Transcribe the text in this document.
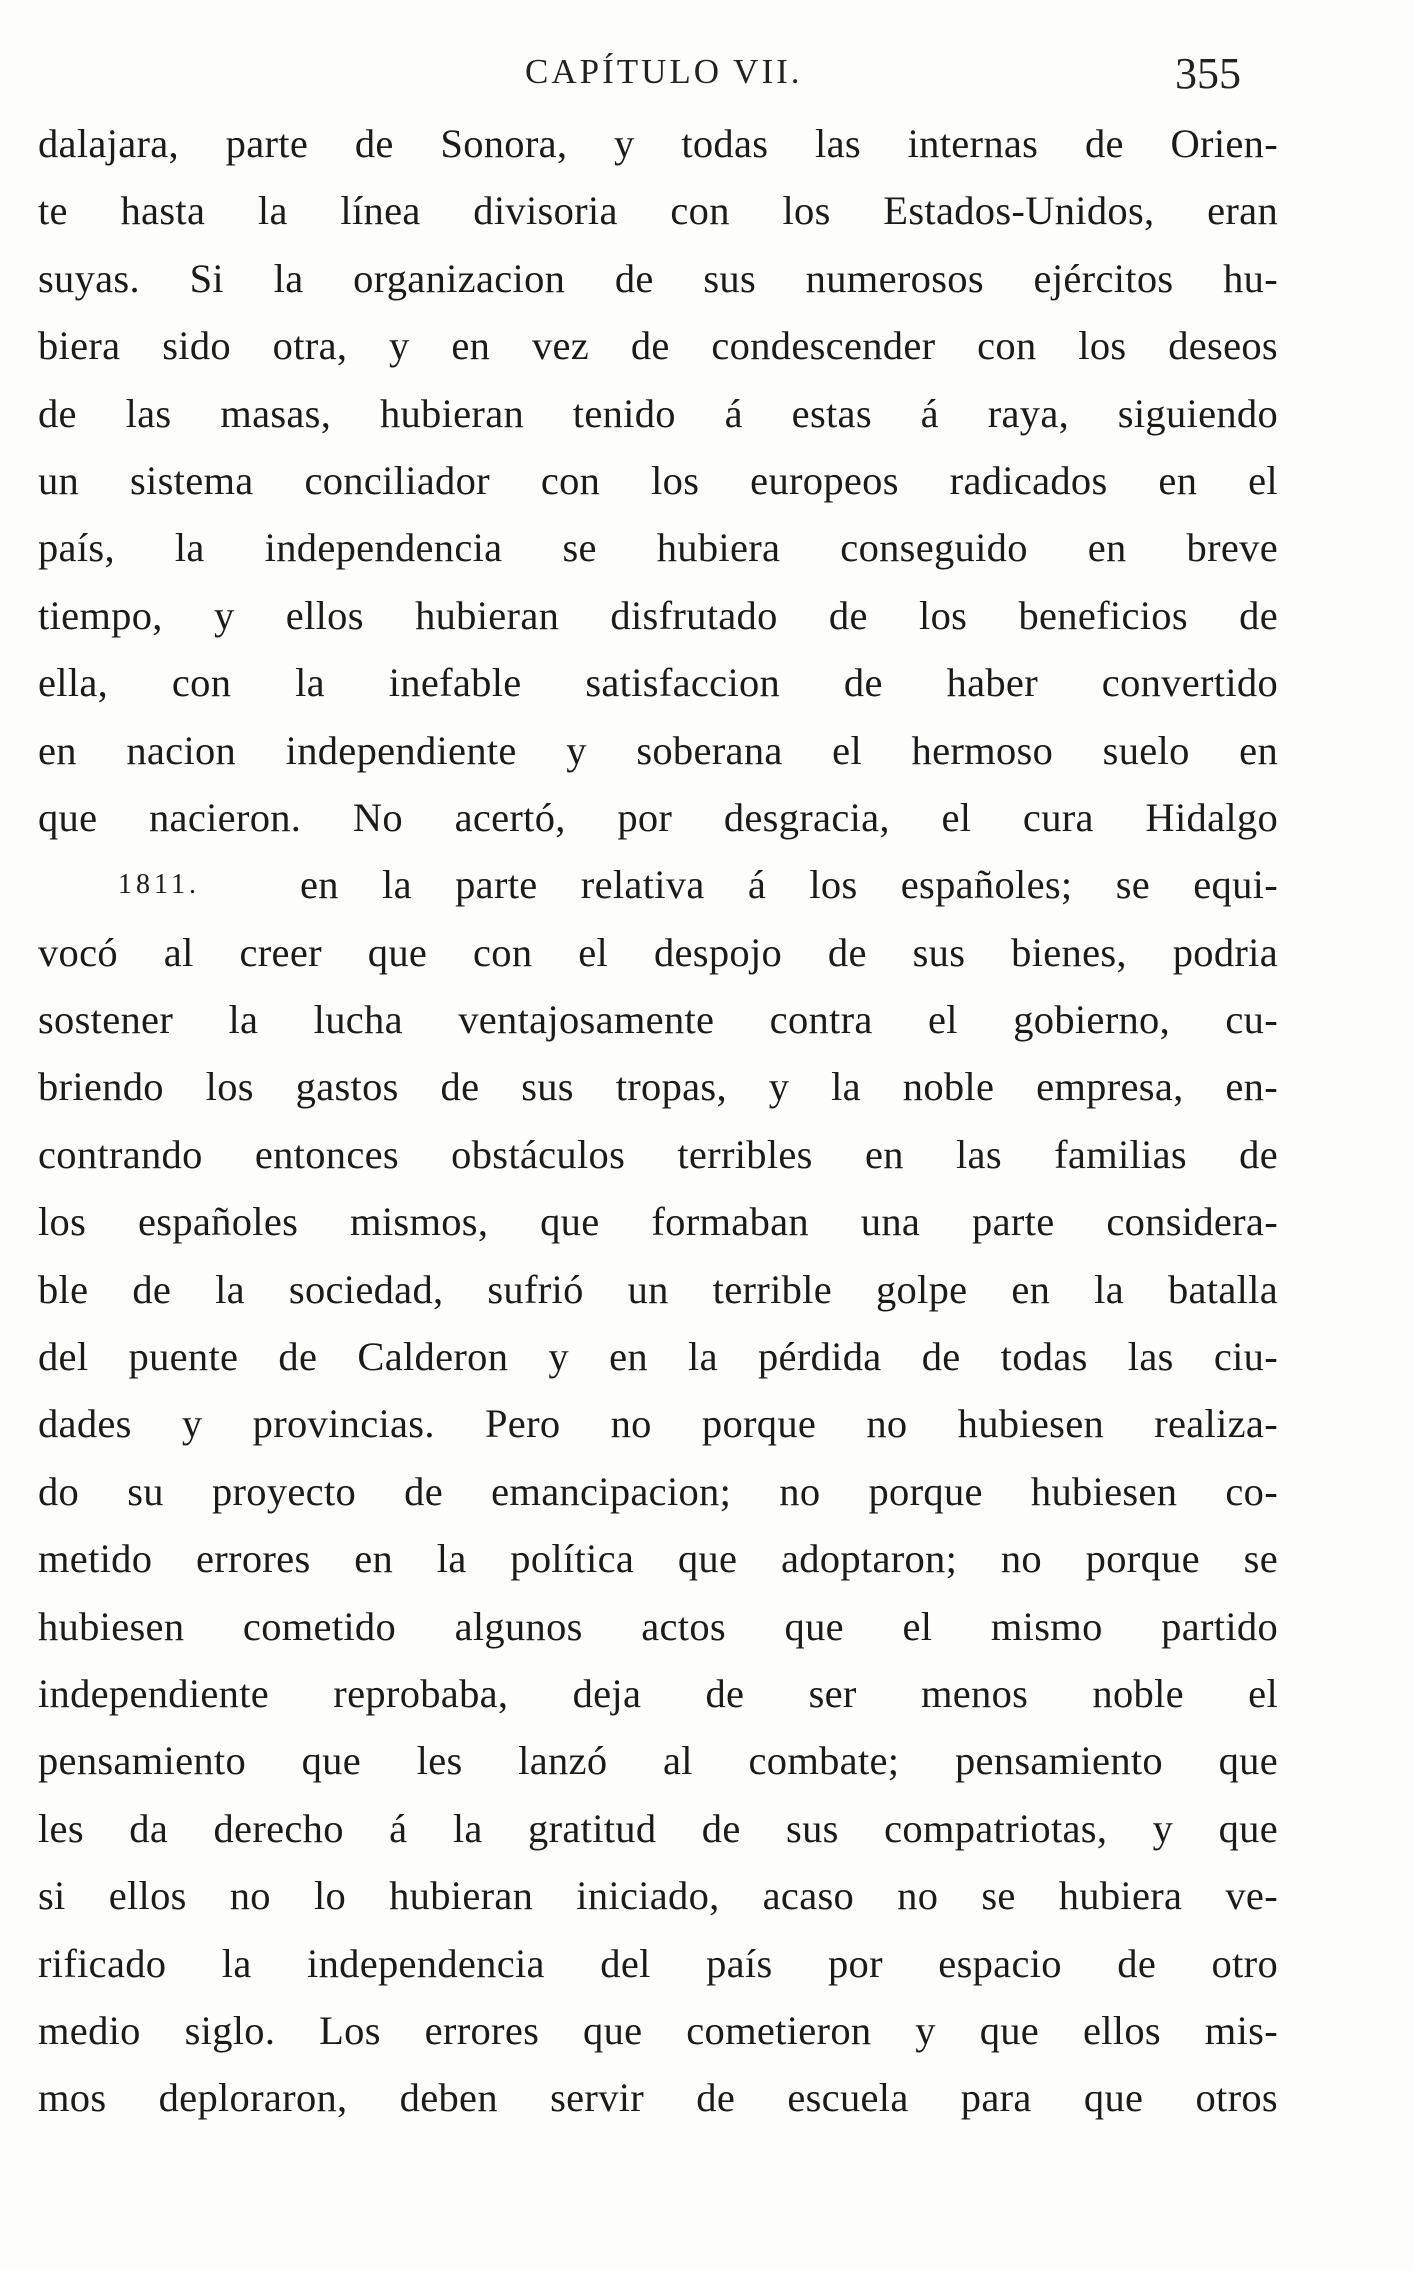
CAPÍTULO VII.	355
dalajara, parte de Sonora, y todas las internas de Orien-
te hasta la línea divisoria con los Estados-Unidos, eran
suyas. Si la organizacion de sus numerosos ejércitos hu-
biera sido otra, y en vez de condescender con los deseos
de las masas, hubieran tenido á estas á raya, siguiendo
un sistema conciliador con los europeos radicados en el
país, la independencia se hubiera conseguido en breve
tiempo, y ellos hubieran disfrutado de los beneficios de
ella, con la inefable satisfaccion de haber convertido
en nacion independiente y soberana el hermoso suelo en
que nacieron. No acertó, por desgracia, el cura Hidalgo
1811. en la parte relativa á los españoles; se equi-
vocó al creer que con el despojo de sus bienes, podria
sostener la lucha ventajosamente contra el gobierno, cu-
briendo los gastos de sus tropas, y la noble empresa, en-
contrando entonces obstáculos terribles en las familias de
los españoles mismos, que formaban una parte considera-
ble de la sociedad, sufrió un terrible golpe en la batalla
del puente de Calderon y en la pérdida de todas las ciu-
dades y provincias. Pero no porque no hubiesen realiza-
do su proyecto de emancipacion; no porque hubiesen co-
metido errores en la política que adoptaron; no porque se
hubiesen cometido algunos actos que el mismo partido
independiente reprobaba, deja de ser menos noble el
pensamiento que les lanzó al combate; pensamiento que
les da derecho á la gratitud de sus compatriotas, y que
si ellos no lo hubieran iniciado, acaso no se hubiera ve-
rificado la independencia del país por espacio de otro
medio siglo. Los errores que cometieron y que ellos mis-
mos deploraron, deben servir de escuela para que otros
